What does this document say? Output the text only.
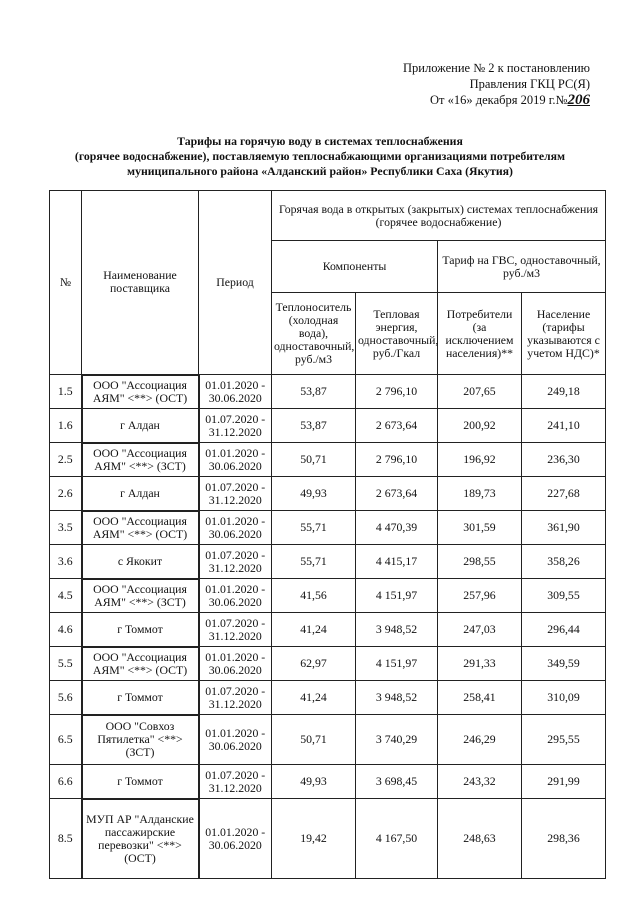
Приложение № 2 к постановлению
Правления ГКЦ РС(Я)
От «16» декабря 2019 г.№206
Тарифы на горячую воду в системах теплоснабжения
(горячее водоснабжение), поставляемую теплоснабжающими организациями потребителям
муниципального района «Алданский район» Республики Саха (Якутия)
№	Наименование поставщика	Период	Горячая вода в открытых (закрытых) системах теплоснабжения (горячее водоснабжение)			
			Компоненты		Тариф на ГВС, одноставочный, руб./м3	
			Теплоноситель (холодная вода), одноставочный, руб./м3	Тепловая энергия, одноставочный, руб./Гкал	Потребители (за исключением населения)**	Население (тарифы указываются с учетом НДС)*
1.5	ООО "Ассоциация АЯМ" <**> (ОСТ)	01.01.2020 - 30.06.2020	53,87	2 796,10	207,65	249,18
1.6	г Алдан	01.07.2020 - 31.12.2020	53,87	2 673,64	200,92	241,10
2.5	ООО "Ассоциация АЯМ" <**> (ЗСТ)	01.01.2020 - 30.06.2020	50,71	2 796,10	196,92	236,30
2.6	г Алдан	01.07.2020 - 31.12.2020	49,93	2 673,64	189,73	227,68
3.5	ООО "Ассоциация АЯМ" <**> (ОСТ)	01.01.2020 - 30.06.2020	55,71	4 470,39	301,59	361,90
3.6	с Якокит	01.07.2020 - 31.12.2020	55,71	4 415,17	298,55	358,26
4.5	ООО "Ассоциация АЯМ" <**> (ЗСТ)	01.01.2020 - 30.06.2020	41,56	4 151,97	257,96	309,55
4.6	г Томмот	01.07.2020 - 31.12.2020	41,24	3 948,52	247,03	296,44
5.5	ООО "Ассоциация АЯМ" <**> (ОСТ)	01.01.2020 - 30.06.2020	62,97	4 151,97	291,33	349,59
5.6	г Томмот	01.07.2020 - 31.12.2020	41,24	3 948,52	258,41	310,09
6.5	ООО "Совхоз Пятилетка" <**> (ЗСТ)	01.01.2020 - 30.06.2020	50,71	3 740,29	246,29	295,55
6.6	г Томмот	01.07.2020 - 31.12.2020	49,93	3 698,45	243,32	291,99
8.5	МУП АР "Алданские пассажирские перевозки" <**> (ОСТ)	01.01.2020 - 30.06.2020	19,42	4 167,50	248,63	298,36
